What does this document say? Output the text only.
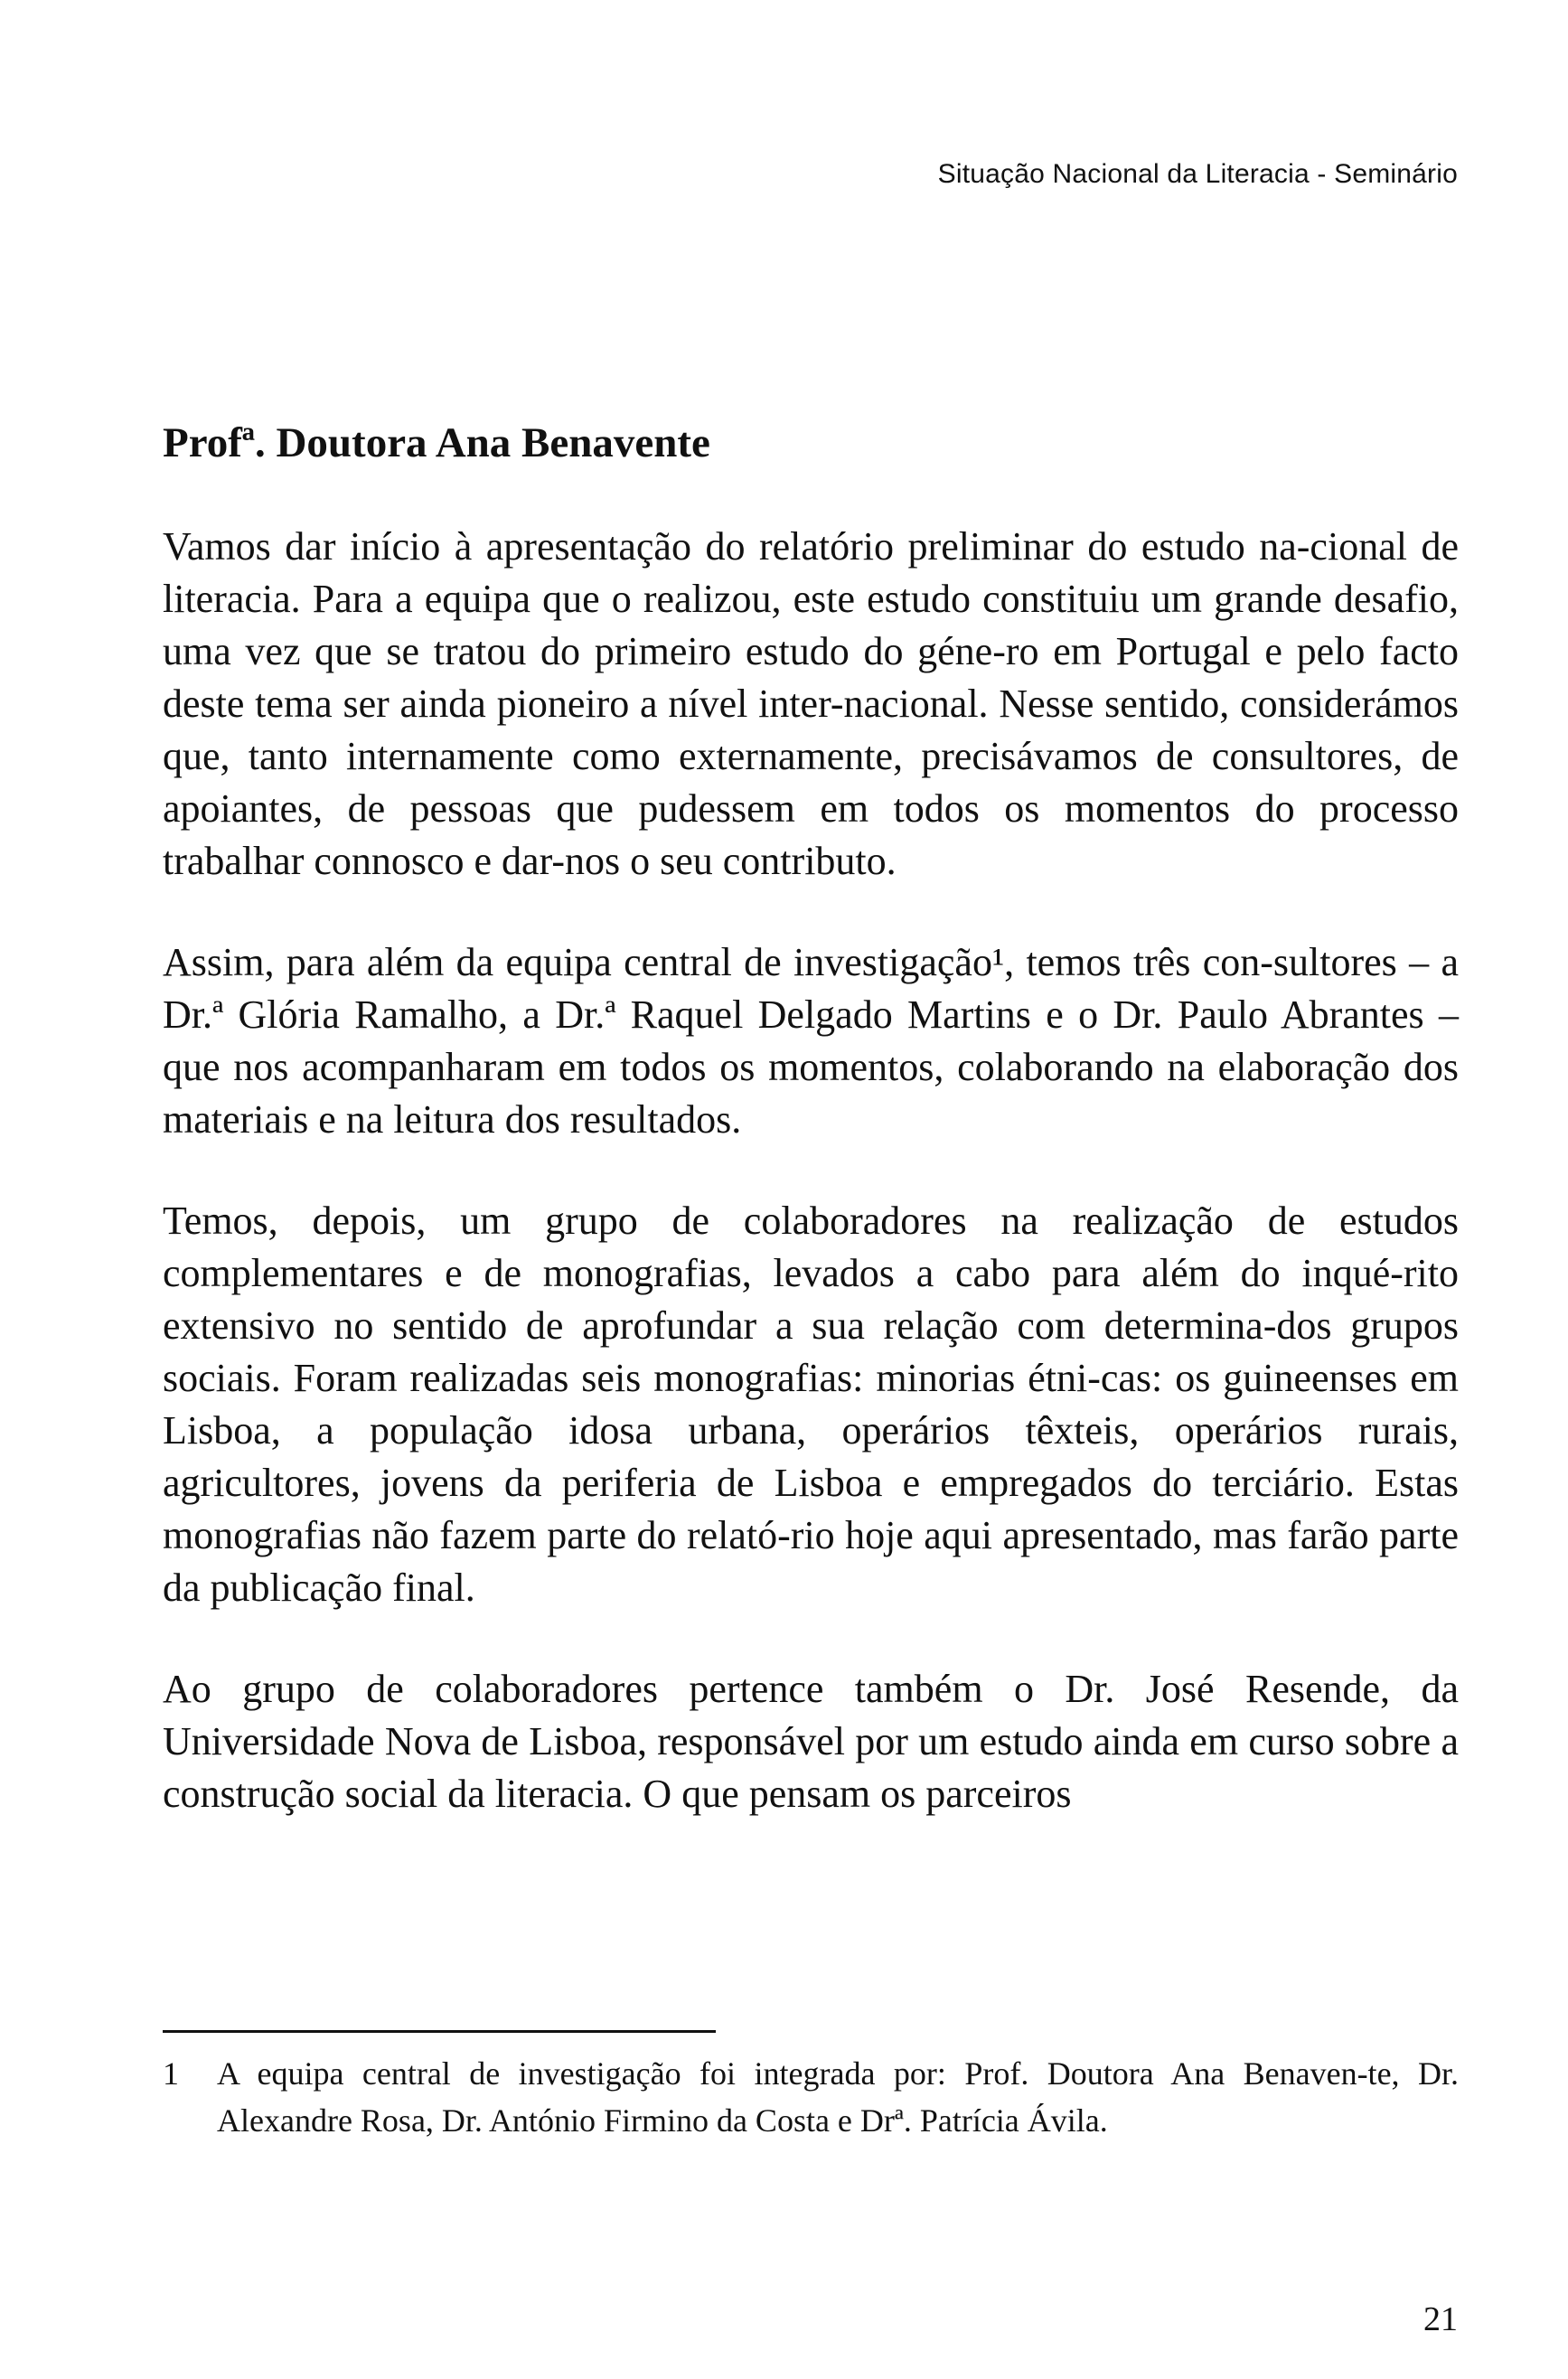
Situação Nacional da Literacia - Seminário
Profª. Doutora Ana Benavente

Vamos dar início à apresentação do relatório preliminar do estudo na-cional de literacia. Para a equipa que o realizou, este estudo constituiu um grande desafio, uma vez que se tratou do primeiro estudo do géne-ro em Portugal e pelo facto deste tema ser ainda pioneiro a nível inter-nacional. Nesse sentido, considerámos que, tanto internamente como externamente, precisávamos de consultores, de apoiantes, de pessoas que pudessem em todos os momentos do processo trabalhar connosco e dar-nos o seu contributo.

Assim, para além da equipa central de investigação¹, temos três con-sultores – a Dr.ª Glória Ramalho, a Dr.ª Raquel Delgado Martins e o Dr. Paulo Abrantes – que nos acompanharam em todos os momentos, colaborando na elaboração dos materiais e na leitura dos resultados.

Temos, depois, um grupo de colaboradores na realização de estudos complementares e de monografias, levados a cabo para além do inqué-rito extensivo no sentido de aprofundar a sua relação com determina-dos grupos sociais. Foram realizadas seis monografias: minorias étni-cas: os guineenses em Lisboa, a população idosa urbana, operários têxteis, operários rurais, agricultores, jovens da periferia de Lisboa e empregados do terciário. Estas monografias não fazem parte do relató-rio hoje aqui apresentado, mas farão parte da publicação final.

Ao grupo de colaboradores pertence também o Dr. José Resende, da Universidade Nova de Lisboa, responsável por um estudo ainda em curso sobre a construção social da literacia. O que pensam os parceiros

1	A equipa central de investigação foi integrada por: Prof. Doutora Ana Benaven-te, Dr. Alexandre Rosa, Dr. António Firmino da Costa e Drª. Patrícia Ávila.
21
